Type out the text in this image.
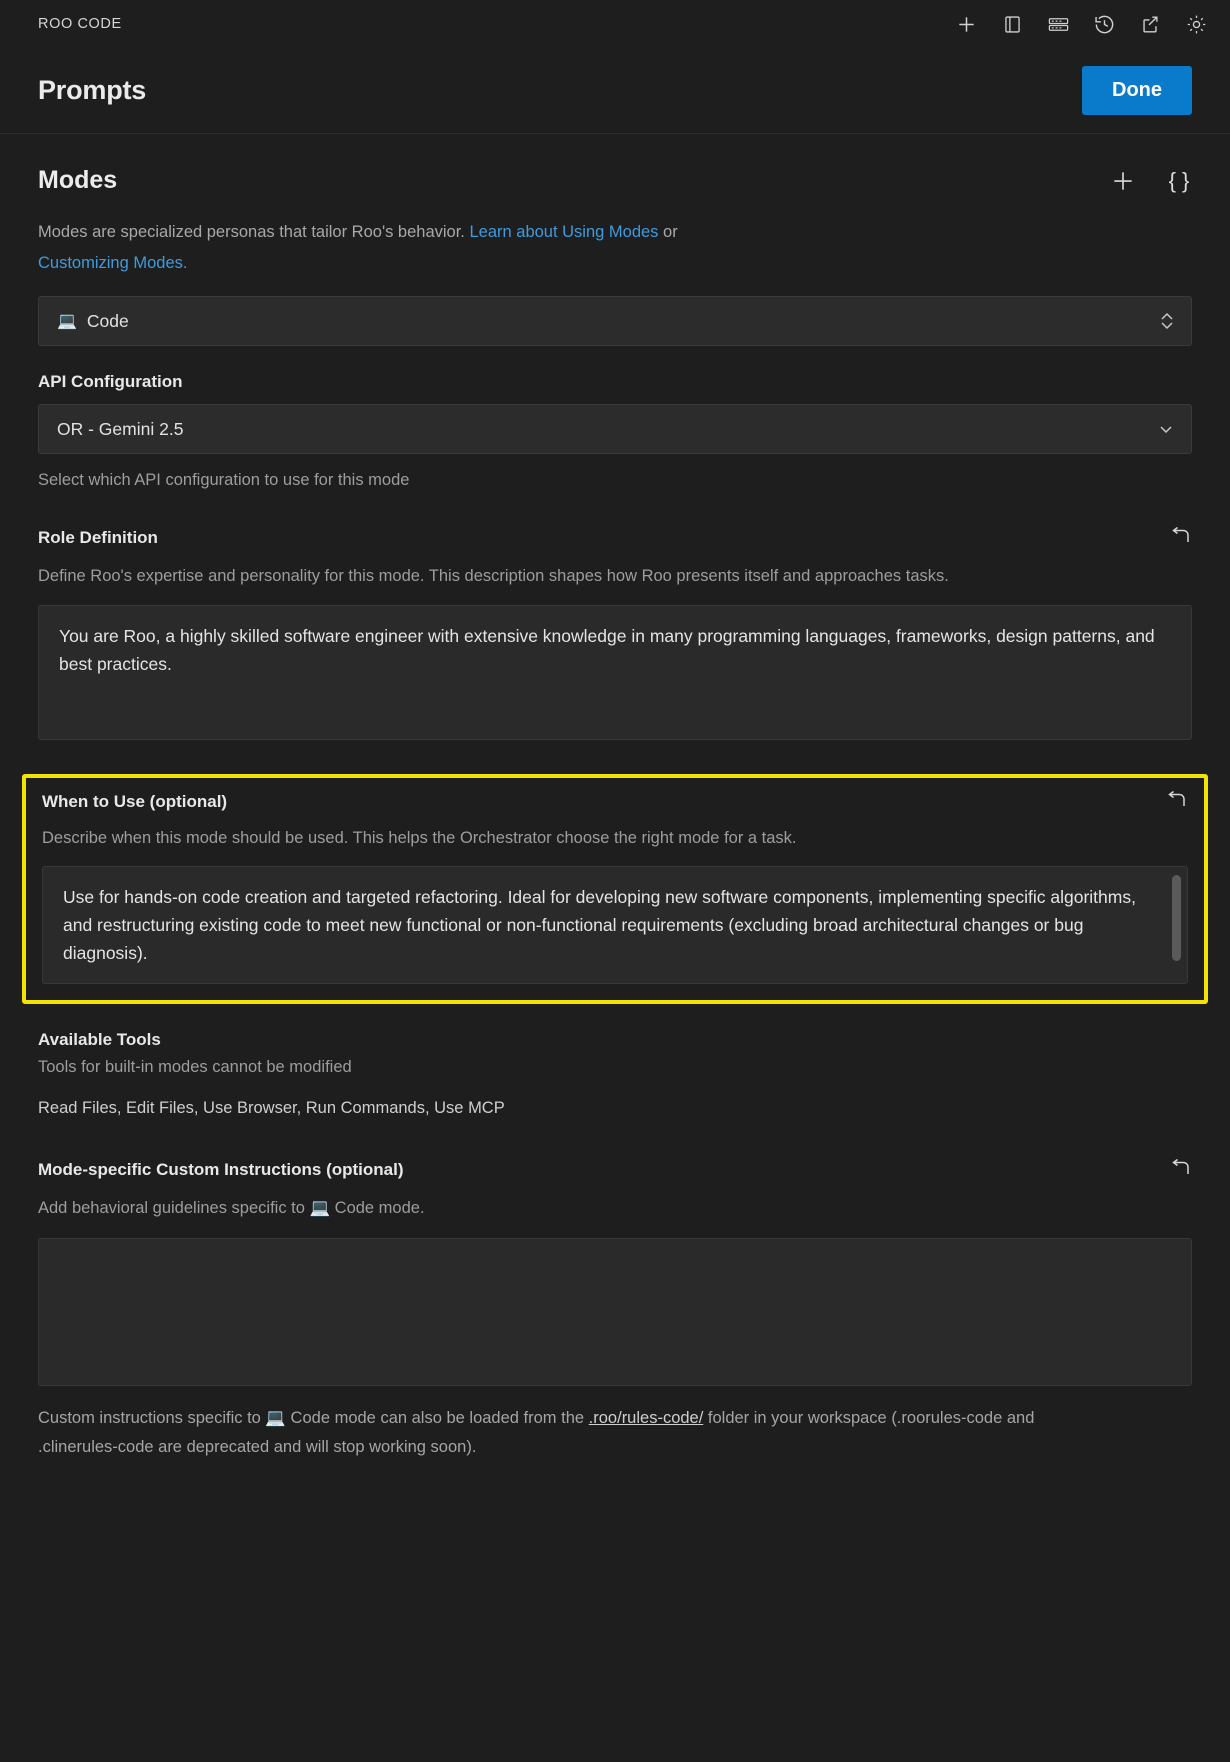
ROO CODE
Prompts	Done
Modes	{ }

Modes are specialized personas that tailor Roo's behavior. Learn about Using Modes or
Customizing Modes.

💻 Code
API Configuration
OR - Gemini 2.5

Select which API configuration to use for this mode

Role Definition

Define Roo's expertise and personality for this mode. This description shapes how Roo presents itself and approaches tasks.

You are Roo, a highly skilled software engineer with extensive knowledge in many programming languages, frameworks, design patterns, and best practices.
When to Use (optional)

Describe when this mode should be used. This helps the Orchestrator choose the right mode for a task.

Use for hands-on code creation and targeted refactoring. Ideal for developing new software components, implementing specific algorithms, and restructuring existing code to meet new functional or non-functional requirements (excluding broad architectural changes or bug diagnosis).
Available Tools

Tools for built-in modes cannot be modified

Read Files, Edit Files, Use Browser, Run Commands, Use MCP

Mode-specific Custom Instructions (optional)

Add behavioral guidelines specific to 💻 Code mode.

Custom instructions specific to 💻 Code mode can also be loaded from the .roo/rules-code/ folder in your workspace (.roorules-code and .clinerules-code are deprecated and will stop working soon).
